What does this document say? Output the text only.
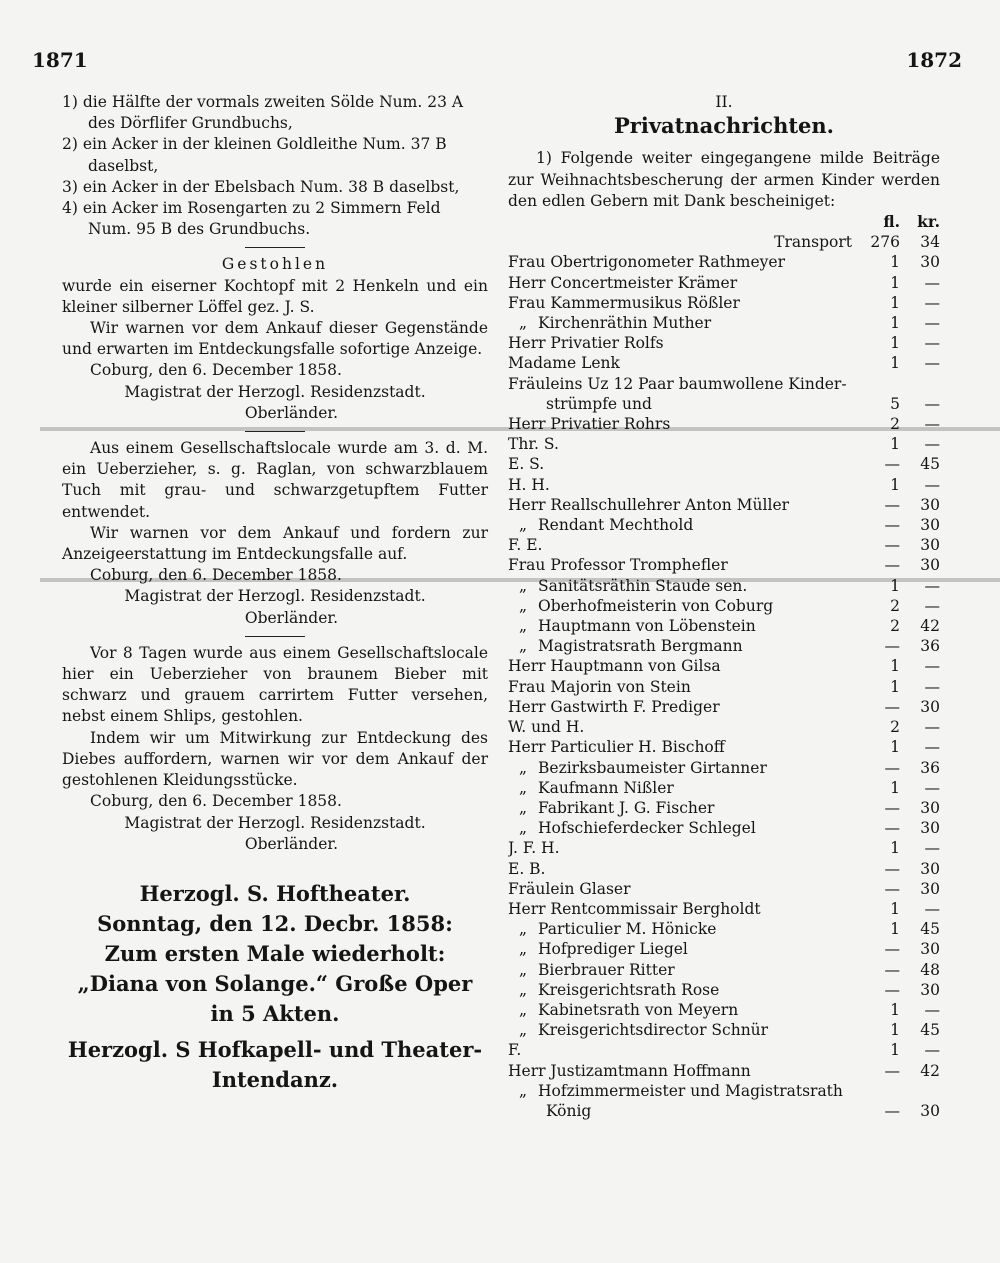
1871	1872

1) die Hälfte der vormals zweiten Sölde Num. 23 A des Dörflifer Grundbuchs,

2) ein Acker in der kleinen Goldleithe Num. 37 B daselbst,

3) ein Acker in der Ebelsbach Num. 38 B daselbst,

4) ein Acker im Rosengarten zu 2 Simmern Feld Num. 95 B des Grundbuchs.

Gestohlen

wurde ein eiserner Kochtopf mit 2 Henkeln und ein kleiner silberner Löffel gez. J. S.

Wir warnen vor dem Ankauf dieser Gegenstände und erwarten im Entdeckungsfalle sofortige Anzeige.

Coburg, den 6. December 1858.

Magistrat der Herzogl. Residenzstadt.

Oberländer.

Aus einem Gesellschaftslocale wurde am 3. d. M. ein Ueberzieher, s. g. Raglan, von schwarzblauem Tuch mit grau- und schwarzgetupftem Futter entwendet.

Wir warnen vor dem Ankauf und fordern zur Anzeigeerstattung im Entdeckungsfalle auf.

Coburg, den 6. December 1858.

Magistrat der Herzogl. Residenzstadt.

Oberländer.

Vor 8 Tagen wurde aus einem Gesellschaftslocale hier ein Ueberzieher von braunem Bieber mit schwarz und grauem carrirtem Futter versehen, nebst einem Shlips, gestohlen.

Indem wir um Mitwirkung zur Entdeckung des Diebes auffordern, warnen wir vor dem Ankauf der gestohlenen Kleidungsstücke.

Coburg, den 6. December 1858.

Magistrat der Herzogl. Residenzstadt.

Oberländer.

Herzogl. S. Hoftheater.

Sonntag, den 12. Decbr. 1858:

Zum ersten Male wiederholt:

„Diana von Solange.“ Große Oper

in 5 Akten.

Herzogl. S Hofkapell- und Theater-Intendanz.

II.

Privatnachrichten.

1) Folgende weiter eingegangene milde Beiträge zur Weihnachtsbescherung der armen Kinder werden den edlen Gebern mit Dank bescheiniget:

	fl.	kr.
Transport	276	34
Frau Obertrigonometer Rathmeyer	1	30
Herr Concertmeister Krämer	1	—
Frau Kammermusikus Rößler	1	—
„ Kirchenräthin Muther	1	—
Herr Privatier Rolfs	1	—
Madame Lenk	1	—
Fräuleins Uz 12 Paar baumwollene Kinder-		
strümpfe und	5	—
Herr Privatier Rohrs	2	—
Thr. S.	1	—
E. S.	—	45
H. H.	1	—
Herr Reallschullehrer Anton Müller	—	30
„ Rendant Mechthold	—	30
F. E.	—	30
Frau Professor Tromphefler	—	30
„ Sanitätsräthin Staude sen.	1	—
„ Oberhofmeisterin von Coburg	2	—
„ Hauptmann von Löbenstein	2	42
„ Magistratsrath Bergmann	—	36
Herr Hauptmann von Gilsa	1	—
Frau Majorin von Stein	1	—
Herr Gastwirth F. Prediger	—	30
W. und H.	2	—
Herr Particulier H. Bischoff	1	—
„ Bezirksbaumeister Girtanner	—	36
„ Kaufmann Nißler	1	—
„ Fabrikant J. G. Fischer	—	30
„ Hofschieferdecker Schlegel	—	30
J. F. H.	1	—
E. B.	—	30
Fräulein Glaser	—	30
Herr Rentcommissair Bergholdt	1	—
„ Particulier M. Hönicke	1	45
„ Hofprediger Liegel	—	30
„ Bierbrauer Ritter	—	48
„ Kreisgerichtsrath Rose	—	30
„ Kabinetsrath von Meyern	1	—
„ Kreisgerichtsdirector Schnür	1	45
F.	1	—
Herr Justizamtmann Hoffmann	—	42
„ Hofzimmermeister und Magistratsrath		
König	—	30
